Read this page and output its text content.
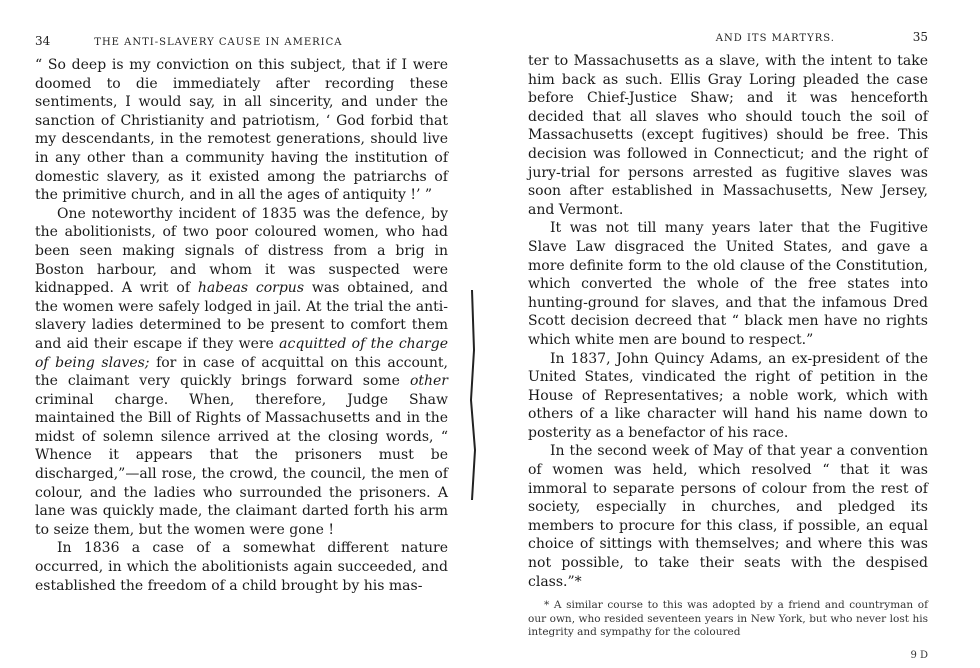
34	THE ANTI-SLAVERY CAUSE IN AMERICA

“ So deep is my conviction on this subject, that if I were doomed to die immediately after recording these sentiments, I would say, in all sincerity, and under the sanction of Christianity and patriotism, ‘ God forbid that my descendants, in the remotest generations, should live in any other than a community having the institution of domestic slavery, as it existed among the patriarchs of the primitive church, and in all the ages of antiquity !’ ”

One noteworthy incident of 1835 was the defence, by the abolitionists, of two poor coloured women, who had been seen making signals of distress from a brig in Boston harbour, and whom it was suspected were kidnapped. A writ of habeas corpus was obtained, and the women were safely lodged in jail. At the trial the anti-slavery ladies determined to be present to comfort them and aid their escape if they were acquitted of the charge of being slaves; for in case of acquittal on this account, the claimant very quickly brings forward some other criminal charge. When, therefore, Judge Shaw maintained the Bill of Rights of Massachusetts and in the midst of solemn silence arrived at the closing words, “ Whence it appears that the prisoners must be discharged,”—all rose, the crowd, the council, the men of colour, and the ladies who surrounded the prisoners. A lane was quickly made, the claimant darted forth his arm to seize them, but the women were gone !

In 1836 a case of a somewhat different nature occurred, in which the abolitionists again succeeded, and established the freedom of a child brought by his mas-

AND ITS MARTYRS.	35

ter to Massachusetts as a slave, with the intent to take him back as such. Ellis Gray Loring pleaded the case before Chief-Justice Shaw; and it was henceforth decided that all slaves who should touch the soil of Massachusetts (except fugitives) should be free. This decision was followed in Connecticut; and the right of jury-trial for persons arrested as fugitive slaves was soon after established in Massachusetts, New Jersey, and Vermont.

It was not till many years later that the Fugitive Slave Law disgraced the United States, and gave a more definite form to the old clause of the Constitution, which converted the whole of the free states into hunting-ground for slaves, and that the infamous Dred Scott decision decreed that “ black men have no rights which white men are bound to respect.”

In 1837, John Quincy Adams, an ex-president of the United States, vindicated the right of petition in the House of Representatives; a noble work, which with others of a like character will hand his name down to posterity as a benefactor of his race.

In the second week of May of that year a convention of women was held, which resolved “ that it was immoral to separate persons of colour from the rest of society, especially in churches, and pledged its members to procure for this class, if possible, an equal choice of sittings with themselves; and where this was not possible, to take their seats with the despised class.”*

* A similar course to this was adopted by a friend and countryman of our own, who resided seventeen years in New York, but who never lost his integrity and sympathy for the coloured

9 D
